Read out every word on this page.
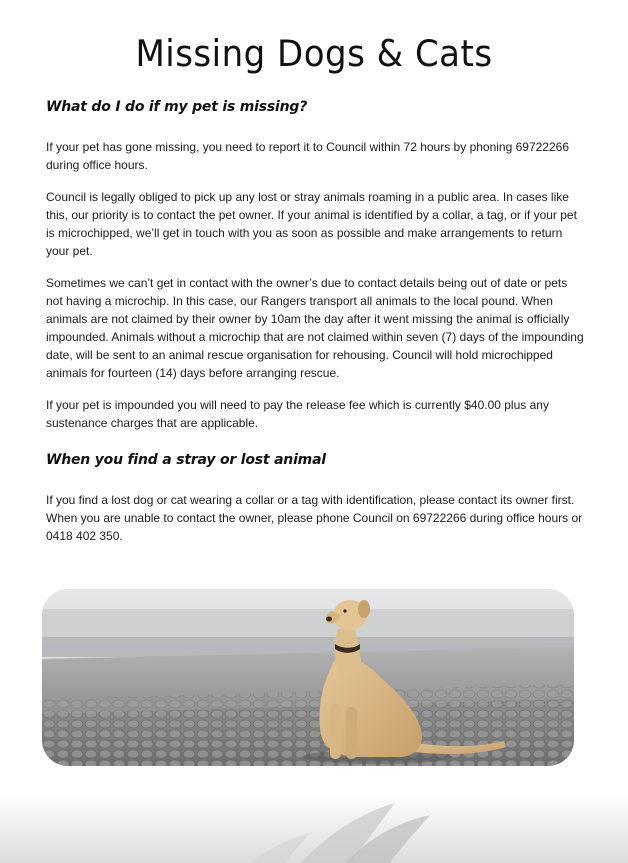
Missing Dogs & Cats
What do I do if my pet is missing?

If your pet has gone missing, you need to report it to Council within 72 hours by phoning 69722266 during office hours.

Council is legally obliged to pick up any lost or stray animals roaming in a public area. In cases like this, our priority is to contact the pet owner. If your animal is identified by a collar, a tag, or if your pet is microchipped, we’ll get in touch with you as soon as possible and make arrangements to return your pet.

Sometimes we can’t get in contact with the owner’s due to contact details being out of date or pets not having a microchip. In this case, our Rangers transport all animals to the local pound. When animals are not claimed by their owner by 10am the day after it went missing the animal is officially impounded. Animals without a microchip that are not claimed within seven (7) days of the impounding date, will be sent to an animal rescue organisation for rehousing. Council will hold microchipped animals for fourteen (14) days before arranging rescue.

If your pet is impounded you will need to pay the release fee which is currently $40.00 plus any sustenance charges that are applicable.

When you find a stray or lost animal

If you find a lost dog or cat wearing a collar or a tag with identification, please contact its owner first. When you are unable to contact the owner, please phone Council on 69722266 during office hours or 0418 402 350.
